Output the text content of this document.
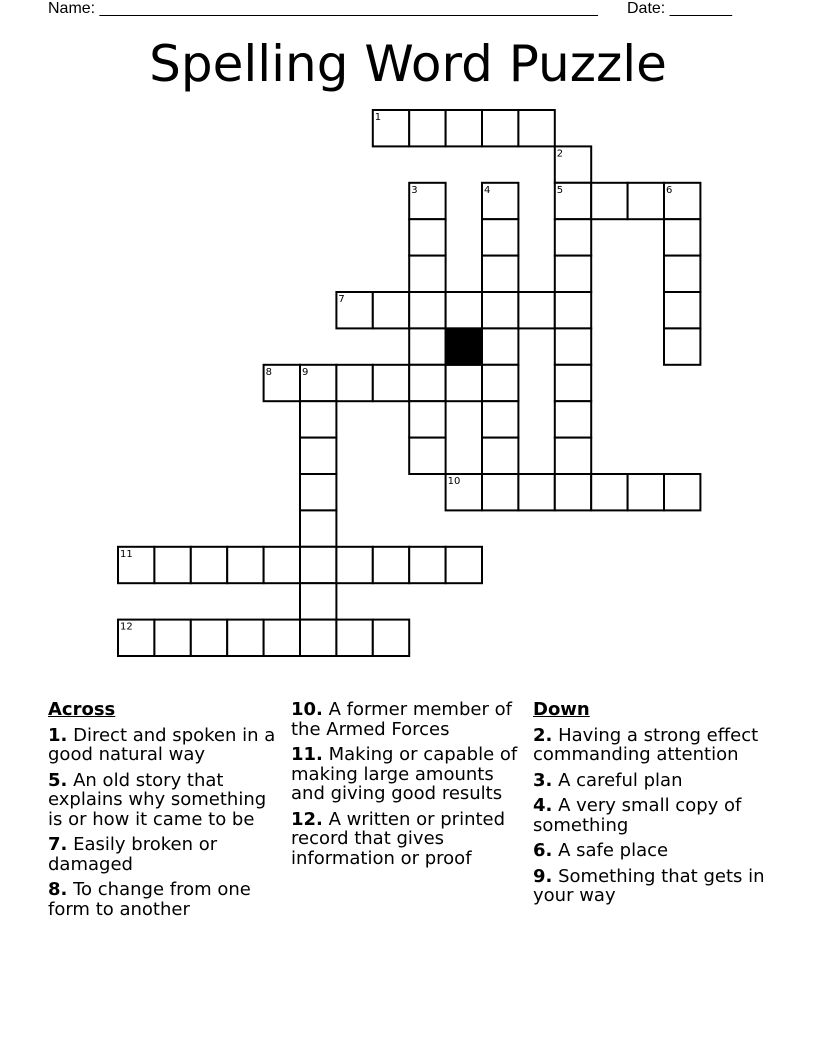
Name: ________________________________________________________ Date: _______
Spelling Word Puzzle
1
2
3	4	5	6
7
8	9
10
11
12
Across
1. Direct and spoken in a good natural way
5. An old story that explains why something is or how it came to be
7. Easily broken or damaged
8. To change from one form to another
10. A former member of the Armed Forces
11. Making or capable of making large amounts and giving good results
12. A written or printed record that gives information or proof
Down
2. Having a strong effect commanding attention
3. A careful plan
4. A very small copy of something
6. A safe place
9. Something that gets in your way
